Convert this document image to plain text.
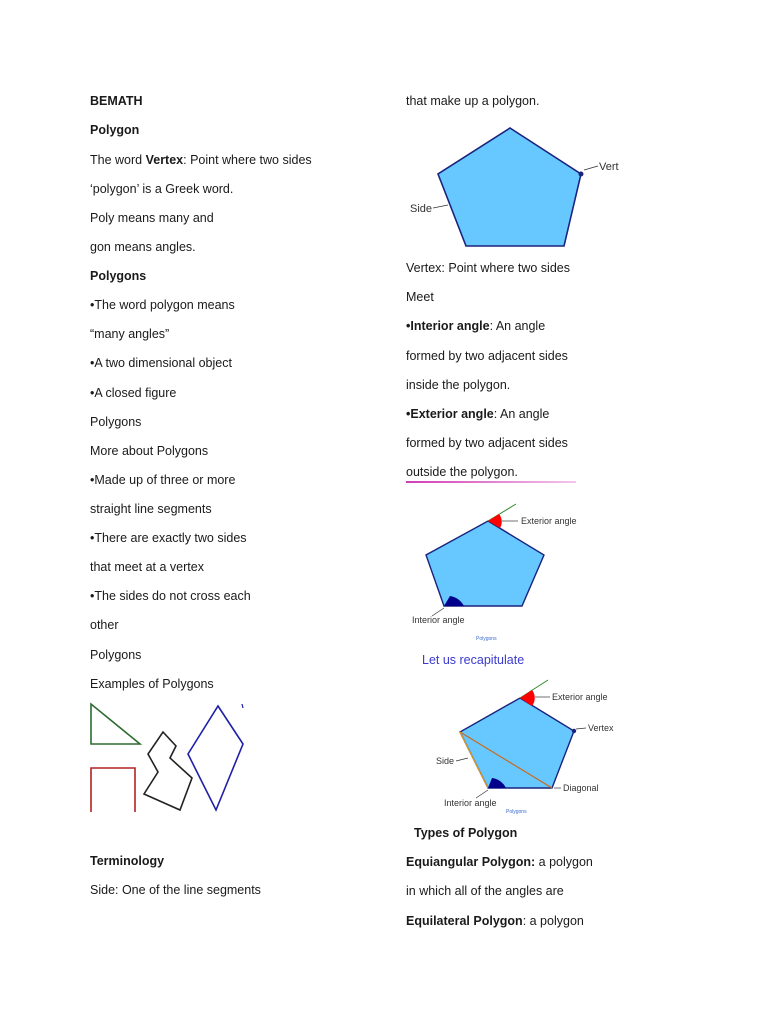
BEMATH
Polygon
The word Vertex: Point where two sides
‘polygon’ is a Greek word.
Poly means many and
gon means angles.
Polygons
•The word polygon means
“many angles”
•A two dimensional object
•A closed figure
Polygons
More about Polygons
•Made up of three or more
straight line segments
•There are exactly two sides
that meet at a vertex
•The sides do not cross each
other
Polygons
Examples of Polygons
Terminology
Side: One of the line segments
that make up a polygon.
Vert
Side
Vertex: Point where two sides
Meet
•Interior angle: An angle
formed by two adjacent sides
inside the polygon.
•Exterior angle: An angle
formed by two adjacent sides
outside the polygon.
Exterior angle
Interior angle
Polygons
Let us recapitulate
Exterior angle
Vertex
Side
Diagonal
Interior angle
Polygons
Types of Polygon
Equiangular Polygon: a polygon
in which all of the angles are
Equilateral Polygon: a polygon
